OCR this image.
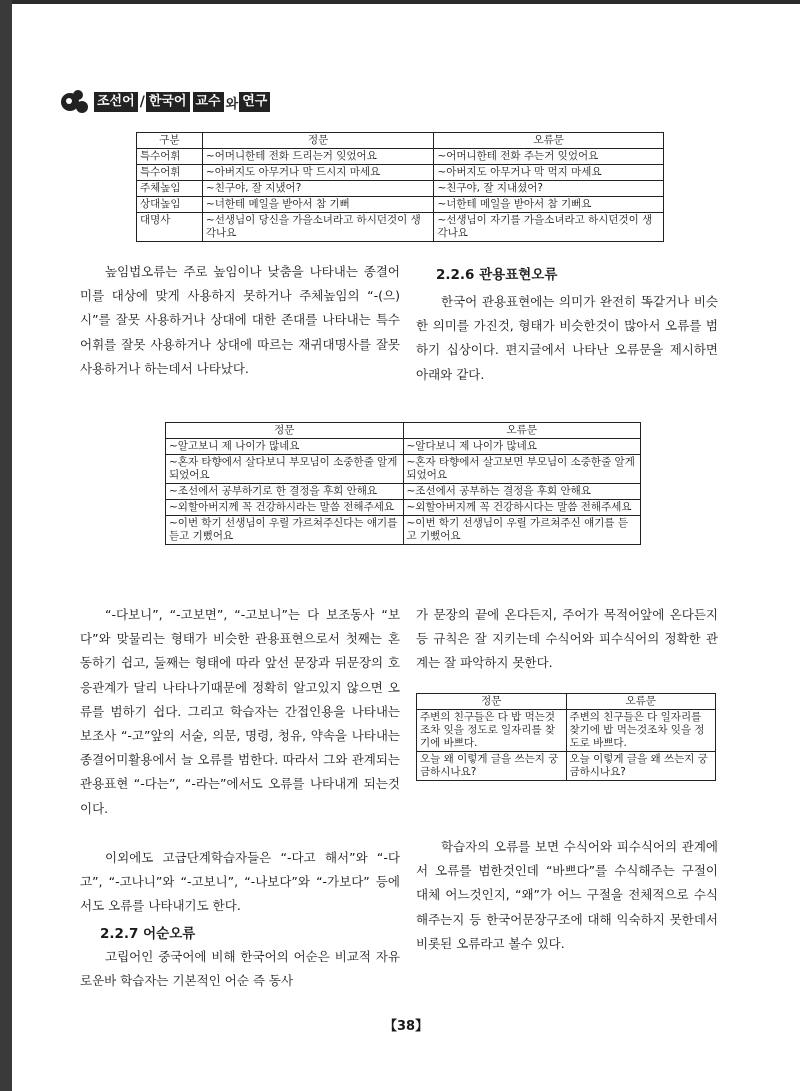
조선어 / 한국어 교수 와 연구
구분	정문	오류문
특수어휘	~어머니한테 전화 드리는거 잊었어요	~어머니한테 전화 주는거 잊었어요
특수어휘	~아버지도 아무거나 막 드시지 마세요	~아버지도 아무거나 막 먹지 마세요
주체높임	~친구야, 잘 지냈어?	~친구야, 잘 지내셨어?
상대높임	~너한테 메일을 받아서 참 기뻐	~너한테 메일을 받아서 참 기뻐요
대명사	~선생님이 당신을 가을소녀라고 하시던것이 생각나요	~선생님이 자기를 가을소녀라고 하시던것이 생각나요

높임법오류는 주로 높임이나 낮춤을 나타내는 종결어미를 대상에 맞게 사용하지 못하거나 주체높임의 “-(으)시”를 잘못 사용하거나 상대에 대한 존대를 나타내는 특수어휘를 잘못 사용하거나 상대에 따르는 재귀대명사를 잘못 사용하거나 하는데서 나타났다.

2.2.6 관용표현오류

한국어 관용표현에는 의미가 완전히 똑같거나 비슷한 의미를 가진것, 형태가 비슷한것이 많아서 오류를 범하기 십상이다. 편지글에서 나타난 오류문을 제시하면 아래와 같다.

정문	오류문
~알고보니 제 나이가 많네요	~알다보니 제 나이가 많네요
~혼자 타향에서 살다보니 부모님이 소중한줄 알게 되었어요	~혼자 타향에서 살고보면 부모님이 소중한줄 알게 되었어요
~조선에서 공부하기로 한 결정을 후회 안해요	~조선에서 공부하는 결정을 후회 안해요
~외할아버지께 꼭 건강하시라는 말씀 전해주세요	~외할아버지께 꼭 건강하시다는 말씀 전해주세요
~이번 학기 선생님이 우릴 가르쳐주신다는 얘기를 듣고 기뻤어요	~이번 학기 선생님이 우릴 가르쳐주신 얘기를 듣고 기뻤어요

“-다보니”, “-고보면”, “-고보니”는 다 보조동사 “보다”와 맞물리는 형태가 비슷한 관용표현으로서 첫째는 혼동하기 쉽고, 둘째는 형태에 따라 앞선 문장과 뒤문장의 호응관계가 달리 나타나기때문에 정확히 알고있지 않으면 오류를 범하기 쉽다. 그리고 학습자는 간접인용을 나타내는 보조사 “-고”앞의 서술, 의문, 명령, 청유, 약속을 나타내는 종결어미활용에서 늘 오류를 범한다. 따라서 그와 관계되는 관용표현 “-다는”, “-라는”에서도 오류를 나타내게 되는것이다.

이외에도 고급단계학습자들은 “-다고 해서”와 “-다고”, “-고나니”와 “-고보니”, “-나보다”와 “-가보다” 등에서도 오류를 나타내기도 한다.

2.2.7 어순오류

고립어인 중국어에 비해 한국어의 어순은 비교적 자유로운바 학습자는 기본적인 어순 즉 동사

가 문장의 끝에 온다든지, 주어가 목적어앞에 온다든지 등 규칙은 잘 지키는데 수식어와 피수식어의 정확한 관계는 잘 파악하지 못한다.

정문	오류문
주변의 친구들은 다 밥 먹는것조차 잊을 정도로 일자리를 찾기에 바쁘다.	주변의 친구들은 다 일자리를 찾기에 밥 먹는것조차 잊을 정도로 바쁘다.
오늘 왜 이렇게 글을 쓰는지 궁금하시나요?	오늘 이렇게 글을 왜 쓰는지 궁금하시나요?

학습자의 오류를 보면 수식어와 피수식어의 관계에서 오류를 범한것인데 “바쁘다”를 수식해주는 구절이 대체 어느것인지, “왜”가 어느 구절을 전체적으로 수식해주는지 등 한국어문장구조에 대해 익숙하지 못한데서 비롯된 오류라고 볼수 있다.

【38】
